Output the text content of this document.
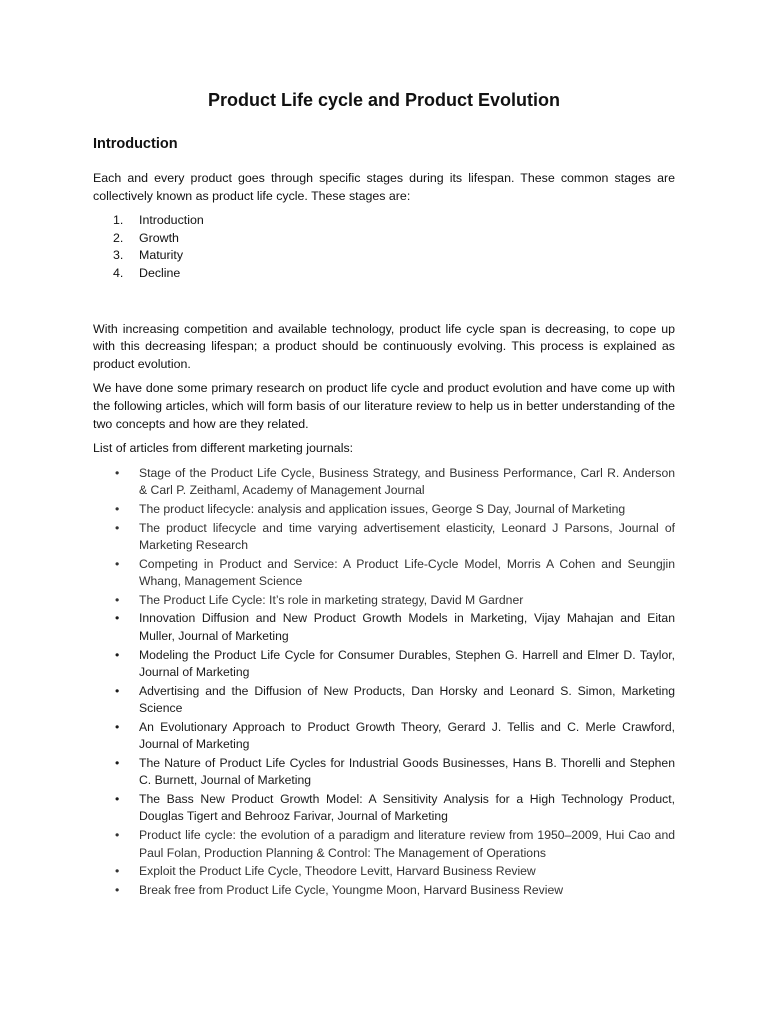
Product Life cycle and Product Evolution
Introduction

Each and every product goes through specific stages during its lifespan. These common stages are collectively known as product life cycle. These stages are:

1. Introduction
2. Growth
3. Maturity
4. Decline

With increasing competition and available technology, product life cycle span is decreasing, to cope up with this decreasing lifespan; a product should be continuously evolving. This process is explained as product evolution.

We have done some primary research on product life cycle and product evolution and have come up with the following articles, which will form basis of our literature review to help us in better understanding of the two concepts and how are they related.

List of articles from different marketing journals:

• Stage of the Product Life Cycle, Business Strategy, and Business Performance, Carl R. Anderson & Carl P. Zeithaml, Academy of Management Journal
• The product lifecycle: analysis and application issues, George S Day, Journal of Marketing
• The product lifecycle and time varying advertisement elasticity, Leonard J Parsons, Journal of Marketing Research
• Competing in Product and Service: A Product Life-Cycle Model, Morris A Cohen and Seungjin Whang, Management Science
• The Product Life Cycle: It’s role in marketing strategy, David M Gardner
• Innovation Diffusion and New Product Growth Models in Marketing, Vijay Mahajan and Eitan Muller, Journal of Marketing
• Modeling the Product Life Cycle for Consumer Durables, Stephen G. Harrell and Elmer D. Taylor, Journal of Marketing
• Advertising and the Diffusion of New Products, Dan Horsky and Leonard S. Simon, Marketing Science
• An Evolutionary Approach to Product Growth Theory, Gerard J. Tellis and C. Merle Crawford, Journal of Marketing
• The Nature of Product Life Cycles for Industrial Goods Businesses, Hans B. Thorelli and Stephen C. Burnett, Journal of Marketing
• The Bass New Product Growth Model: A Sensitivity Analysis for a High Technology Product, Douglas Tigert and Behrooz Farivar, Journal of Marketing
• Product life cycle: the evolution of a paradigm and literature review from 1950–2009, Hui Cao and Paul Folan, Production Planning & Control: The Management of Operations
• Exploit the Product Life Cycle, Theodore Levitt, Harvard Business Review
• Break free from Product Life Cycle, Youngme Moon, Harvard Business Review
